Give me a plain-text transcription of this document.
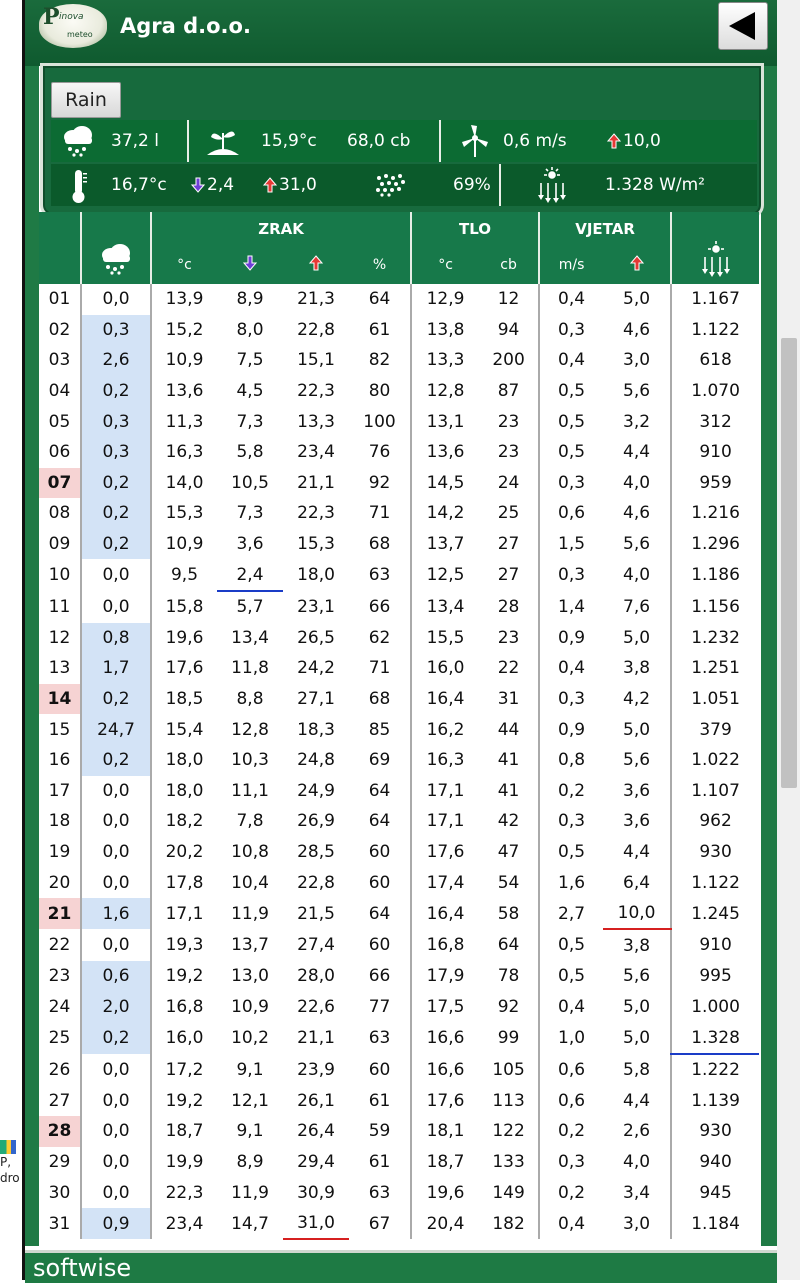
P,
dro
P inova
meteo Agra d.o.o.
Rain
37,2 l	15,9°c 68,0 cb	0,6 m/s	10,0
16,7°c 2,4	31,0	69%	1.328 W/m²
		ZRAK				TLO		VJETAR	
		°c			%	°c	cb	m/s	
01	0,0	13,9	8,9	21,3	64	12,9	12	0,4	5,0	1.167
02	0,3	15,2	8,0	22,8	61	13,8	94	0,3	4,6	1.122
03	2,6	10,9	7,5	15,1	82	13,3	200	0,4	3,0	618
04	0,2	13,6	4,5	22,3	80	12,8	87	0,5	5,6	1.070
05	0,3	11,3	7,3	13,3	100	13,1	23	0,5	3,2	312
06	0,3	16,3	5,8	23,4	76	13,6	23	0,5	4,4	910
07	0,2	14,0	10,5	21,1	92	14,5	24	0,3	4,0	959
08	0,2	15,3	7,3	22,3	71	14,2	25	0,6	4,6	1.216
09	0,2	10,9	3,6	15,3	68	13,7	27	1,5	5,6	1.296
10	0,0	9,5	2,4	18,0	63	12,5	27	0,3	4,0	1.186
11	0,0	15,8	5,7	23,1	66	13,4	28	1,4	7,6	1.156
12	0,8	19,6	13,4	26,5	62	15,5	23	0,9	5,0	1.232
13	1,7	17,6	11,8	24,2	71	16,0	22	0,4	3,8	1.251
14	0,2	18,5	8,8	27,1	68	16,4	31	0,3	4,2	1.051
15	24,7	15,4	12,8	18,3	85	16,2	44	0,9	5,0	379
16	0,2	18,0	10,3	24,8	69	16,3	41	0,8	5,6	1.022
17	0,0	18,0	11,1	24,9	64	17,1	41	0,2	3,6	1.107
18	0,0	18,2	7,8	26,9	64	17,1	42	0,3	3,6	962
19	0,0	20,2	10,8	28,5	60	17,6	47	0,5	4,4	930
20	0,0	17,8	10,4	22,8	60	17,4	54	1,6	6,4	1.122
21	1,6	17,1	11,9	21,5	64	16,4	58	2,7	10,0	1.245
22	0,0	19,3	13,7	27,4	60	16,8	64	0,5	3,8	910
23	0,6	19,2	13,0	28,0	66	17,9	78	0,5	5,6	995
24	2,0	16,8	10,9	22,6	77	17,5	92	0,4	5,0	1.000
25	0,2	16,0	10,2	21,1	63	16,6	99	1,0	5,0	1.328
26	0,0	17,2	9,1	23,9	60	16,6	105	0,6	5,8	1.222
27	0,0	19,2	12,1	26,1	61	17,6	113	0,6	4,4	1.139
28	0,0	18,7	9,1	26,4	59	18,1	122	0,2	2,6	930
29	0,0	19,9	8,9	29,4	61	18,7	133	0,3	4,0	940
30	0,0	22,3	11,9	30,9	63	19,6	149	0,2	3,4	945
31	0,9	23,4	14,7	31,0	67	20,4	182	0,4	3,0	1.184
softwise
